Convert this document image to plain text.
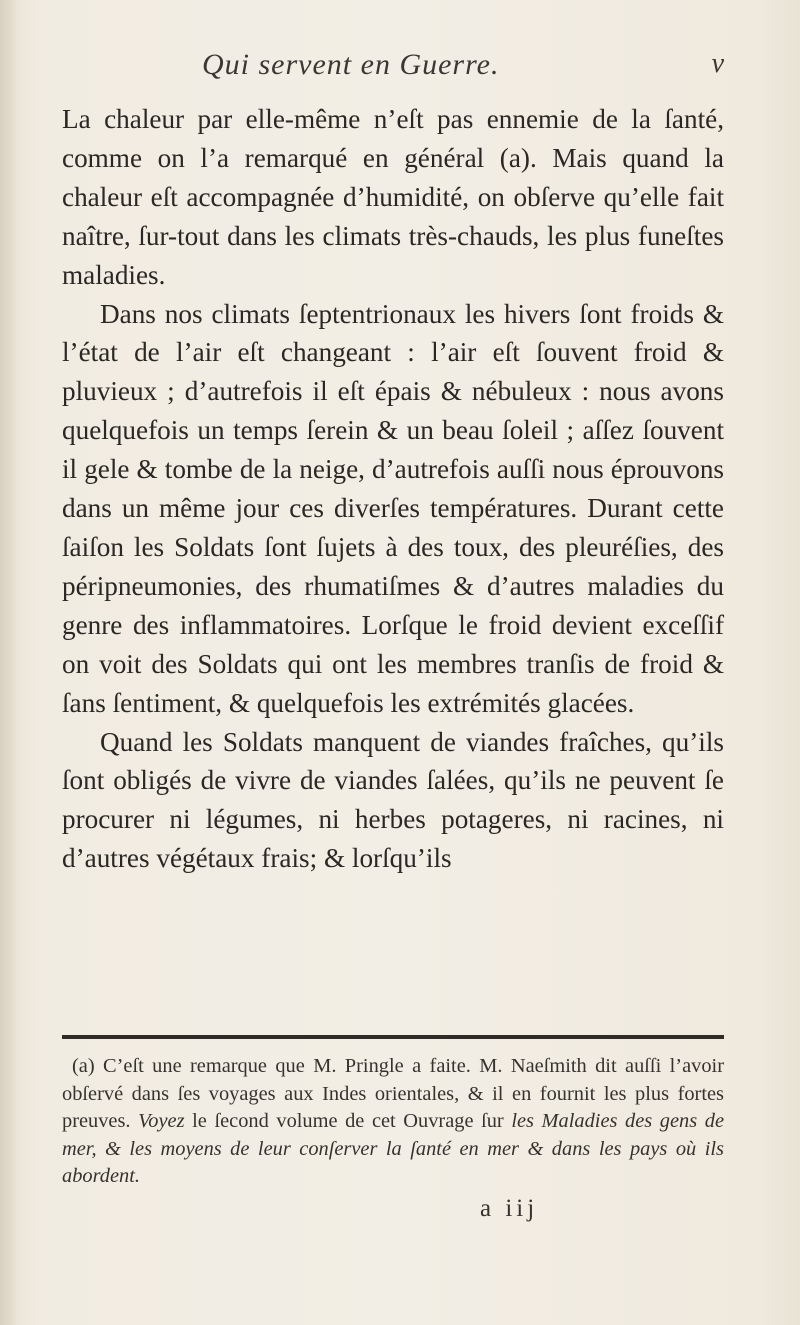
Qui servent en Guerre.	v

La chaleur par elle-même n’eſt pas ennemie de la ſanté, comme on l’a remarqué en général (a). Mais quand la chaleur eſt accompagnée d’humidité, on obſerve qu’elle fait naître, ſur-tout dans les climats très-chauds, les plus funeſtes maladies.

Dans nos climats ſeptentrionaux les hivers ſont froids & l’état de l’air eſt changeant : l’air eſt ſouvent froid & pluvieux ; d’autrefois il eſt épais & nébuleux : nous avons quelquefois un temps ſerein & un beau ſoleil ; aſſez ſouvent il gele & tombe de la neige, d’autrefois auſſi nous éprouvons dans un même jour ces diverſes températures. Durant cette ſaiſon les Soldats ſont ſujets à des toux, des pleuréſies, des péripneumonies, des rhumatiſmes & d’autres maladies du genre des inflammatoires. Lorſque le froid devient exceſſif on voit des Soldats qui ont les membres tranſis de froid & ſans ſentiment, & quelquefois les extrémités glacées.

Quand les Soldats manquent de viandes fraîches, qu’ils ſont obligés de vivre de viandes ſalées, qu’ils ne peuvent ſe procurer ni légumes, ni herbes potageres, ni racines, ni d’autres végétaux frais; & lorſqu’ils

(a) C’eſt une remarque que M. Pringle a faite. M. Naeſmith dit auſſi l’avoir obſervé dans ſes voyages aux Indes orientales, & il en fournit les plus fortes preuves. Voyez le ſecond volume de cet Ouvrage ſur les Maladies des gens de mer, & les moyens de leur conſerver la ſanté en mer & dans les pays où ils abordent.
a iij
